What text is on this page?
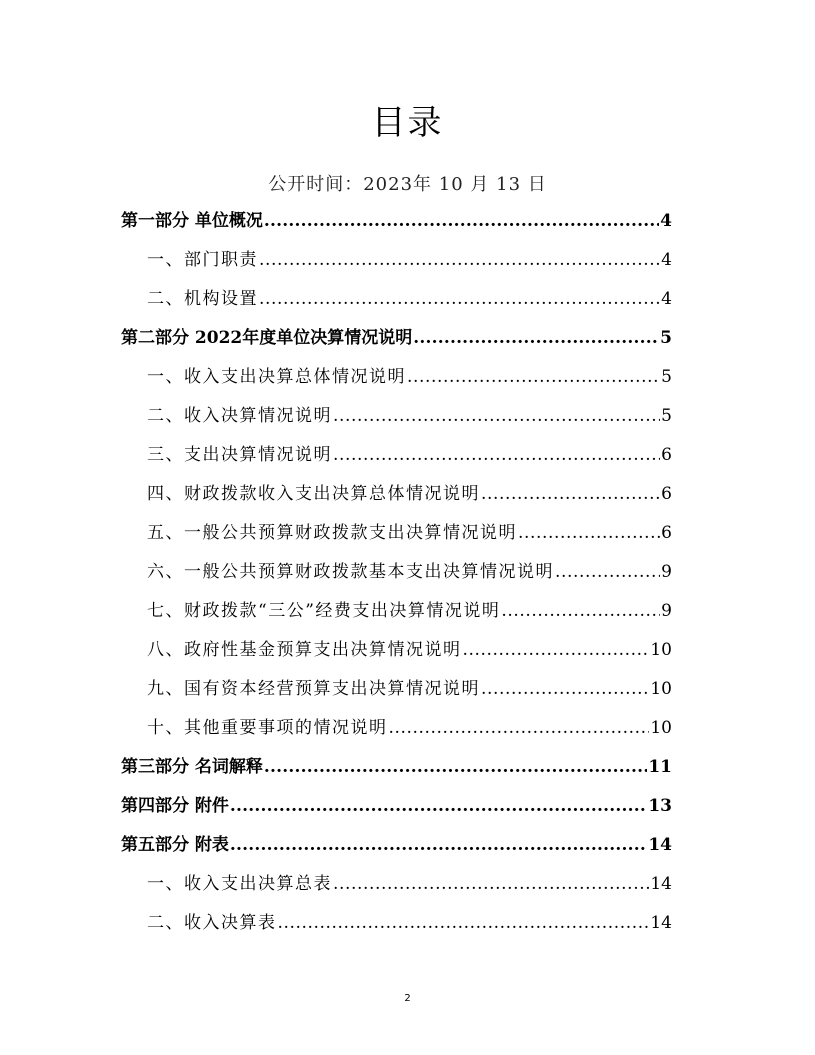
目录
公开时间：2023年 10 月 13 日
第一部分 单位概况 .....	4
一、部门职责 .....	4
二、机构设置 .....	4
第二部分 2022年度单位决算情况说明 .....	5
一、收入支出决算总体情况说明 .....	5
二、收入决算情况说明 .....	5
三、支出决算情况说明 .....	6
四、财政拨款收入支出决算总体情况说明 .....	6
五、一般公共预算财政拨款支出决算情况说明 .....	6
六、一般公共预算财政拨款基本支出决算情况说明 .....	9
七、财政拨款“三公”经费支出决算情况说明 .....	9
八、政府性基金预算支出决算情况说明 .....	10
九、国有资本经营预算支出决算情况说明 .....	10
十、其他重要事项的情况说明 .....	10
第三部分 名词解释 .....	11
第四部分 附件 .....	13
第五部分 附表 .....	14
一、收入支出决算总表 .....	14
二、收入决算表 .....	14
2
